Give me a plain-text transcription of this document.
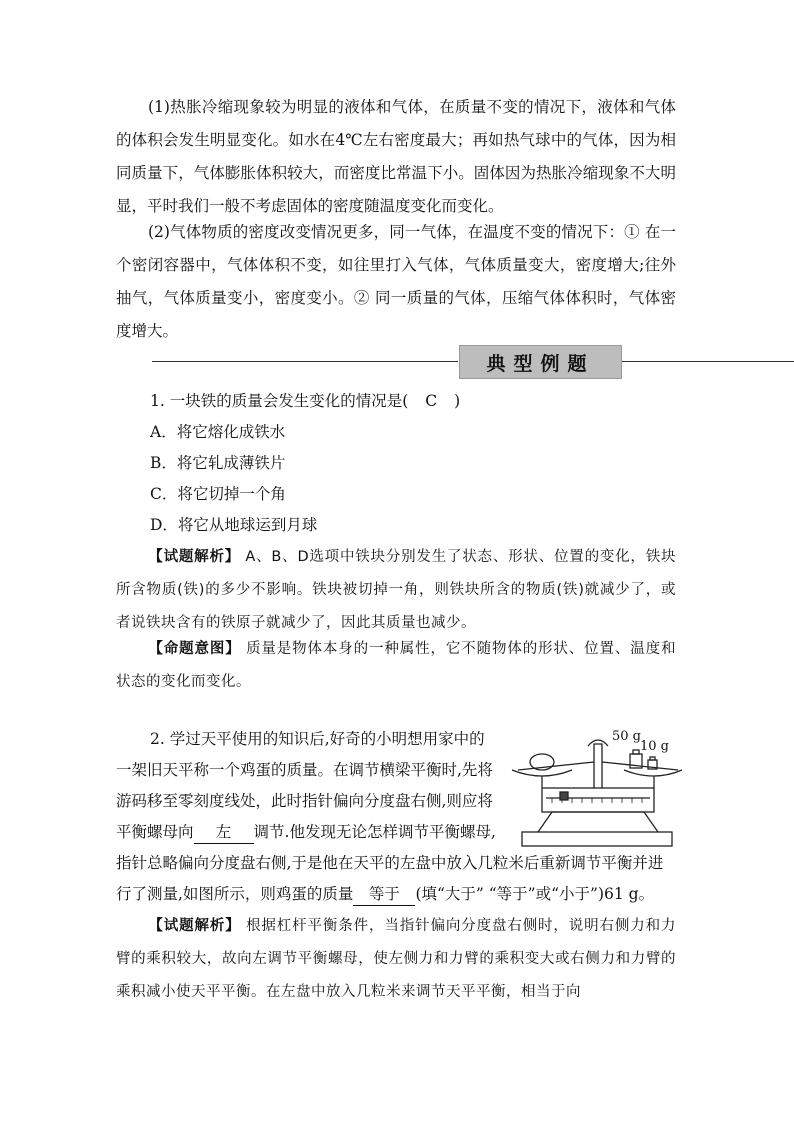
(1)热胀冷缩现象较为明显的液体和气体，在质量不变的情况下，液体和气体的体积会发生明显变化。如水在4℃左右密度最大；再如热气球中的气体，因为相同质量下，气体膨胀体积较大，而密度比常温下小。固体因为热胀冷缩现象不大明显，平时我们一般不考虑固体的密度随温度变化而变化。
(2)气体物质的密度改变情况更多，同一气体，在温度不变的情况下：① 在一个密闭容器中，气体体积不变，如往里打入气体，气体质量变大，密度增大;往外抽气，气体质量变小，密度变小。② 同一质量的气体，压缩气体体积时，气体密度增大。
典型例题
1. 一块铁的质量会发生变化的情况是( C )
A．将它熔化成铁水
B．将它轧成薄铁片
C．将它切掉一个角
D．将它从地球运到月球
【试题解析】 A、B、D选项中铁块分别发生了状态、形状、位置的变化，铁块所含物质(铁)的多少不影响。铁块被切掉一角，则铁块所含的物质(铁)就减少了，或者说铁块含有的铁原子就减少了，因此其质量也减少。
【命题意图】 质量是物体本身的一种属性，它不随物体的形状、位置、温度和状态的变化而变化。
2. 学过天平使用的知识后,好奇的小明想用家中的
一架旧天平称一个鸡蛋的质量。在调节横梁平衡时,先将
游码移至零刻度线处，此时指针偏向分度盘右侧,则应将
平衡螺母向 左 调节.他发现无论怎样调节平衡螺母,
指针总略偏向分度盘右侧,于是他在天平的左盘中放入几粒米后重新调节平衡并进
行了测量,如图所示，则鸡蛋的质量 等于 (填“大于” “等于”或“小于”)61 g。
50 g
10 g
【试题解析】 根据杠杆平衡条件，当指针偏向分度盘右侧时，说明右侧力和力臂的乘积较大，故向左调节平衡螺母，使左侧力和力臂的乘积变大或右侧力和力臂的乘积减小使天平平衡。在左盘中放入几粒米来调节天平平衡，相当于向
